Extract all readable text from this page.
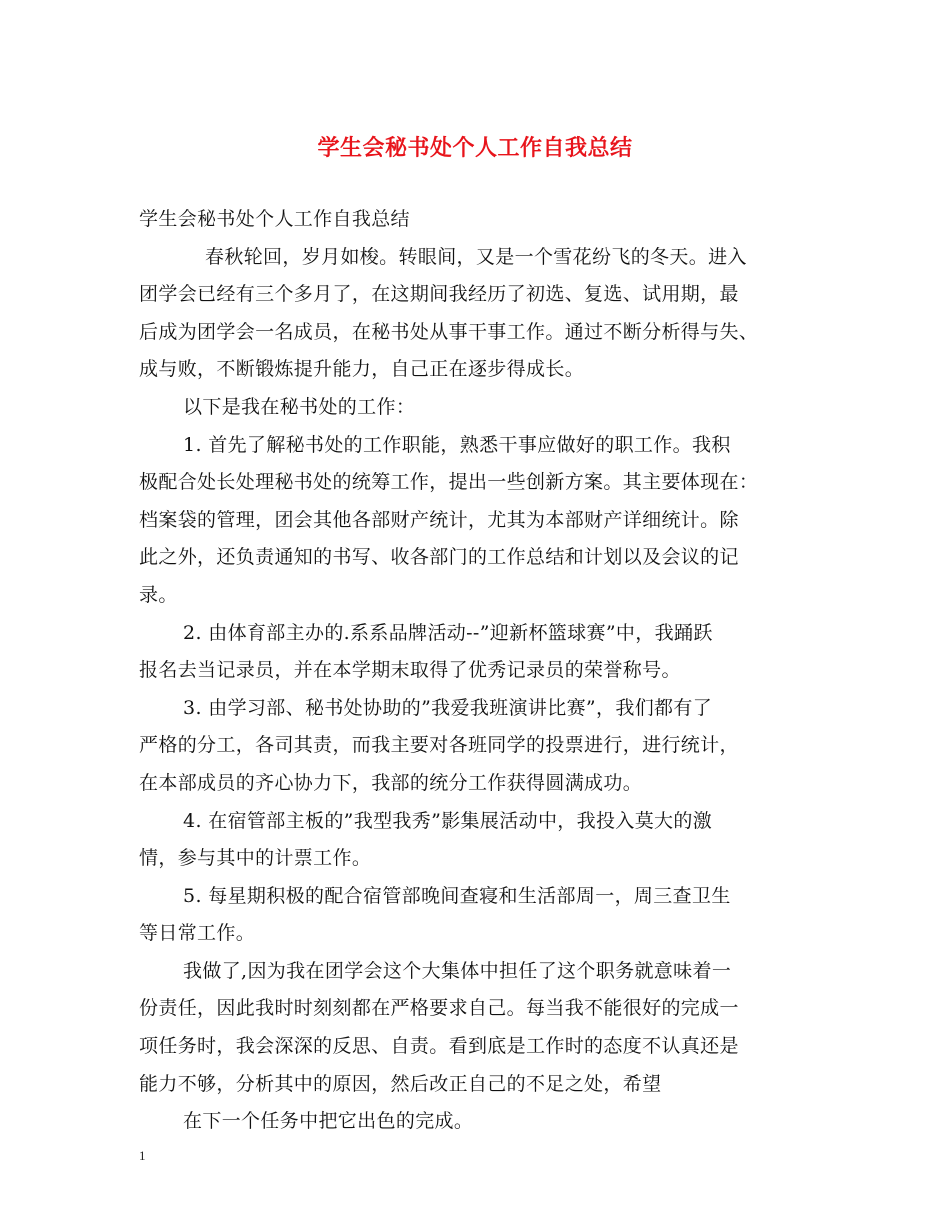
学生会秘书处个人工作自我总结
学生会秘书处个人工作自我总结
春秋轮回，岁月如梭。转眼间，又是一个雪花纷飞的冬天。进入
团学会已经有三个多月了，在这期间我经历了初选、复选、试用期，最
后成为团学会一名成员，在秘书处从事干事工作。通过不断分析得与失、
成与败，不断锻炼提升能力，自己正在逐步得成长。
以下是我在秘书处的工作：
1. 首先了解秘书处的工作职能，熟悉干事应做好的职工作。我积
极配合处长处理秘书处的统筹工作，提出一些创新方案。其主要体现在：
档案袋的管理，团会其他各部财产统计，尤其为本部财产详细统计。除
此之外，还负责通知的书写、收各部门的工作总结和计划以及会议的记
录。
2. 由体育部主办的.系系品牌活动--”迎新杯篮球赛”中，我踊跃
报名去当记录员，并在本学期末取得了优秀记录员的荣誉称号。
3. 由学习部、秘书处协助的”我爱我班演讲比赛”，我们都有了
严格的分工，各司其责，而我主要对各班同学的投票进行，进行统计，
在本部成员的齐心协力下，我部的统分工作获得圆满成功。
4. 在宿管部主板的”我型我秀”影集展活动中，我投入莫大的激
情，参与其中的计票工作。
5. 每星期积极的配合宿管部晚间查寝和生活部周一，周三查卫生
等日常工作。
我做了,因为我在团学会这个大集体中担任了这个职务就意味着一
份责任，因此我时时刻刻都在严格要求自己。每当我不能很好的完成一
项任务时，我会深深的反思、自责。看到底是工作时的态度不认真还是
能力不够，分析其中的原因，然后改正自己的不足之处，希望
在下一个任务中把它出色的完成。
1
